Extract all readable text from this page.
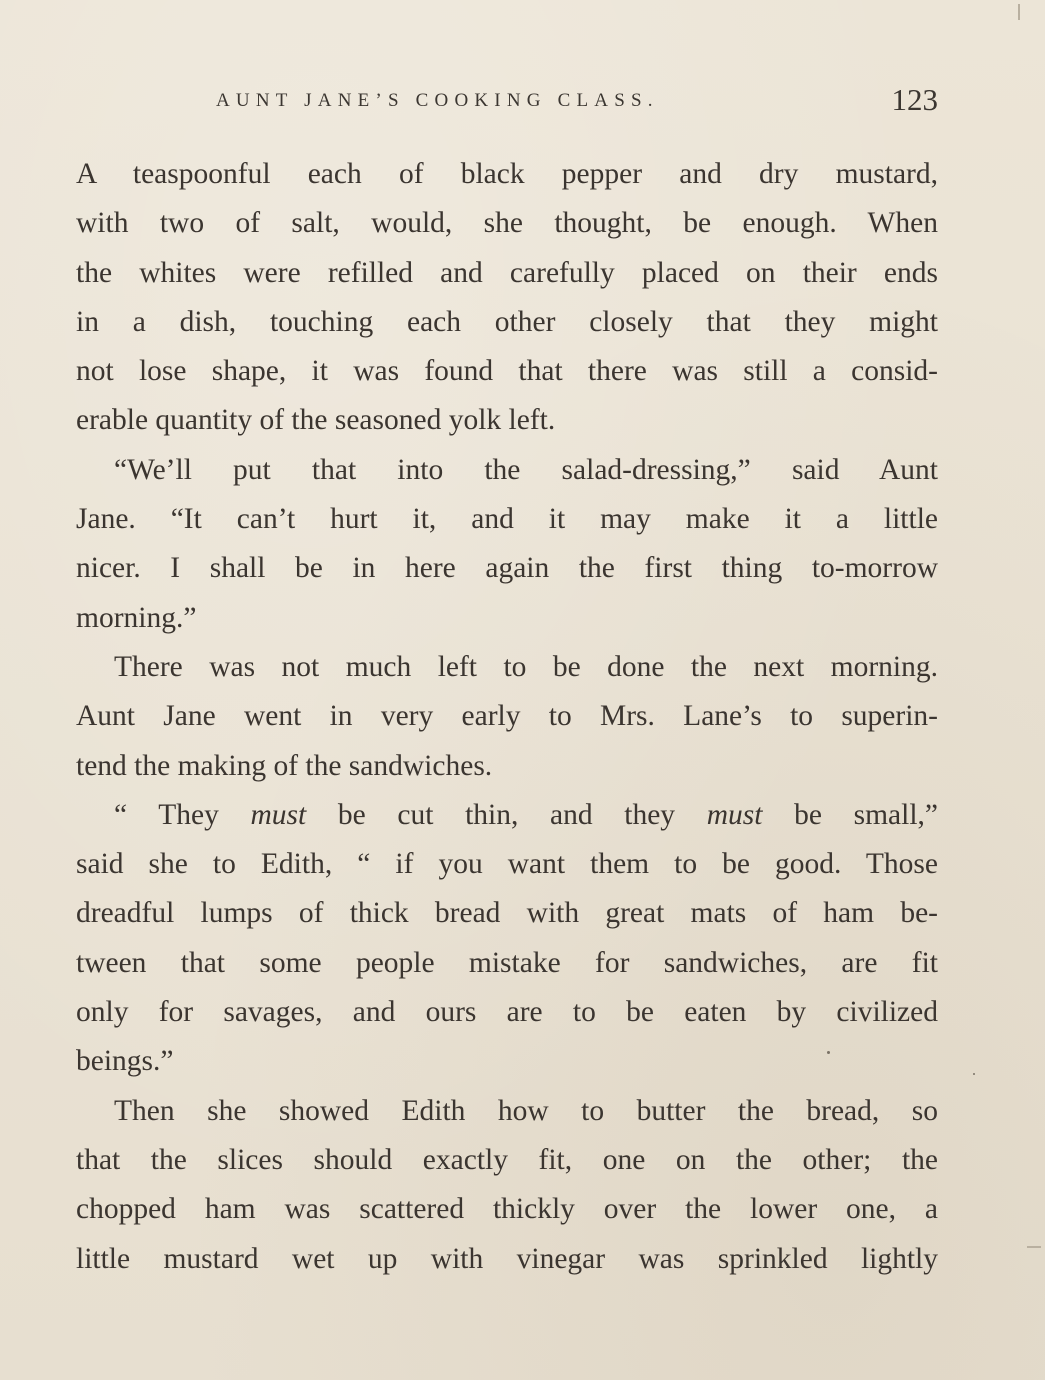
AUNT JANE’S COOKING CLASS.	123
A teaspoonful each of black pepper and dry mustard,
with two of salt, would, she thought, be enough. When
the whites were refilled and carefully placed on their ends
in a dish, touching each other closely that they might
not lose shape, it was found that there was still a consid-
erable quantity of the seasoned yolk left.
“We’ll put that into the salad-dressing,” said Aunt
Jane. “It can’t hurt it, and it may make it a little
nicer. I shall be in here again the first thing to-morrow
morning.”
There was not much left to be done the next morning.
Aunt Jane went in very early to Mrs. Lane’s to superin-
tend the making of the sandwiches.
“ They must be cut thin, and they must be small,”
said she to Edith, “ if you want them to be good. Those
dreadful lumps of thick bread with great mats of ham be-
tween that some people mistake for sandwiches, are fit
only for savages, and ours are to be eaten by civilized
beings.”
Then she showed Edith how to butter the bread, so
that the slices should exactly fit, one on the other; the
chopped ham was scattered thickly over the lower one, a
little mustard wet up with vinegar was sprinkled lightly
